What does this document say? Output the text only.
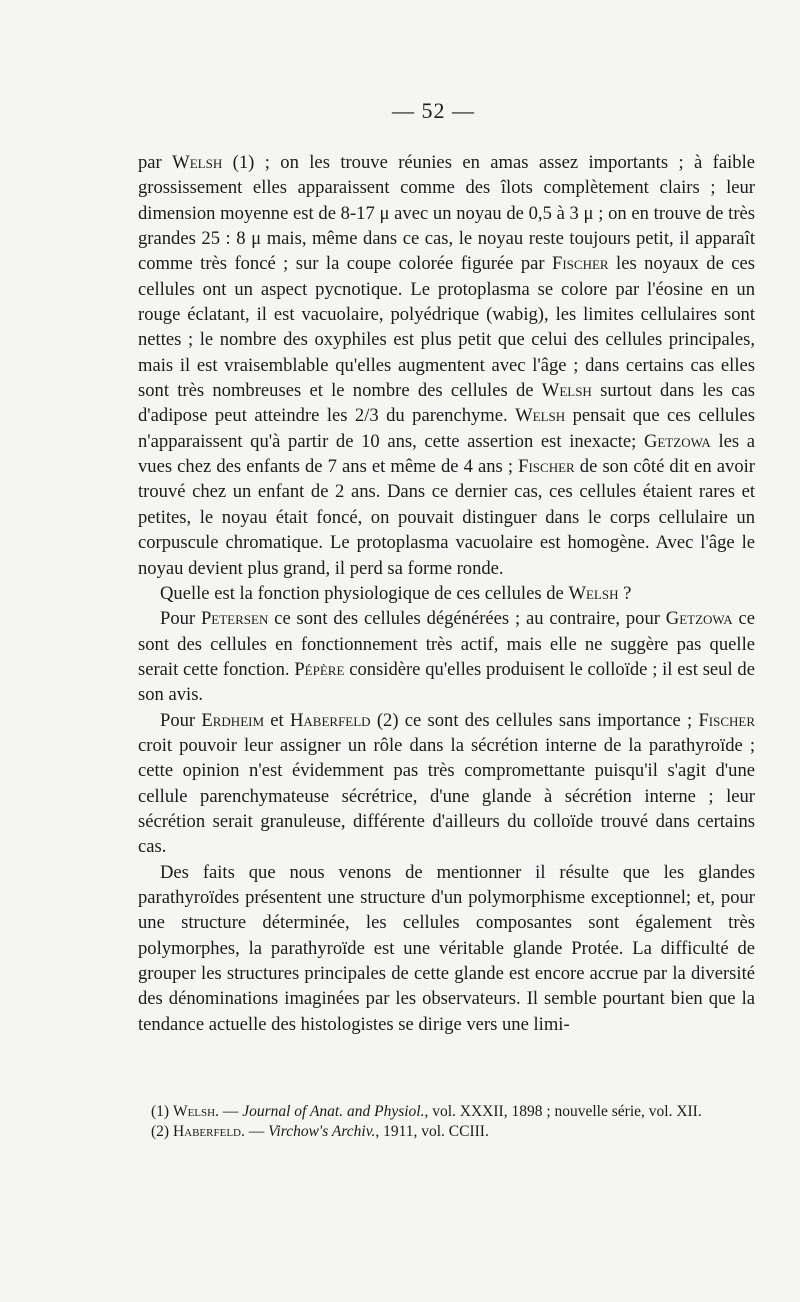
— 52 —

par Welsh (1) ; on les trouve réunies en amas assez importants ; à faible grossissement elles apparaissent comme des îlots complètement clairs ; leur dimension moyenne est de 8-17 μ avec un noyau de 0,5 à 3 μ ; on en trouve de très grandes 25 : 8 μ mais, même dans ce cas, le noyau reste toujours petit, il apparaît comme très foncé ; sur la coupe colorée figurée par Fischer les noyaux de ces cellules ont un aspect pycnotique. Le protoplasma se colore par l'éosine en un rouge éclatant, il est vacuolaire, polyédrique (wabig), les limites cellulaires sont nettes ; le nombre des oxyphiles est plus petit que celui des cellules principales, mais il est vraisemblable qu'elles augmentent avec l'âge ; dans certains cas elles sont très nombreuses et le nombre des cellules de Welsh surtout dans les cas d'adipose peut atteindre les 2/3 du parenchyme. Welsh pensait que ces cellules n'apparaissent qu'à partir de 10 ans, cette assertion est inexacte; Getzowa les a vues chez des enfants de 7 ans et même de 4 ans ; Fischer de son côté dit en avoir trouvé chez un enfant de 2 ans. Dans ce dernier cas, ces cellules étaient rares et petites, le noyau était foncé, on pouvait distinguer dans le corps cellulaire un corpuscule chromatique. Le protoplasma vacuolaire est homogène. Avec l'âge le noyau devient plus grand, il perd sa forme ronde.

Quelle est la fonction physiologique de ces cellules de Welsh ?

Pour Petersen ce sont des cellules dégénérées ; au contraire, pour Getzowa ce sont des cellules en fonctionnement très actif, mais elle ne suggère pas quelle serait cette fonction. Pépère considère qu'elles produisent le colloïde ; il est seul de son avis.

Pour Erdheim et Haberfeld (2) ce sont des cellules sans importance ; Fischer croit pouvoir leur assigner un rôle dans la sécrétion interne de la parathyroïde ; cette opinion n'est évidemment pas très compromettante puisqu'il s'agit d'une cellule parenchymateuse sécrétrice, d'une glande à sécrétion interne ; leur sécrétion serait granuleuse, différente d'ailleurs du colloïde trouvé dans certains cas.

Des faits que nous venons de mentionner il résulte que les glandes parathyroïdes présentent une structure d'un polymorphisme exceptionnel; et, pour une structure déterminée, les cellules composantes sont également très polymorphes, la parathyroïde est une véritable glande Protée. La difficulté de grouper les structures principales de cette glande est encore accrue par la diversité des dénominations imaginées par les observateurs. Il semble pourtant bien que la tendance actuelle des histologistes se dirige vers une limi-

(1) Welsh. — Journal of Anat. and Physiol., vol. XXXII, 1898 ; nouvelle série, vol. XII.

(2) Haberfeld. — Virchow's Archiv., 1911, vol. CCIII.
